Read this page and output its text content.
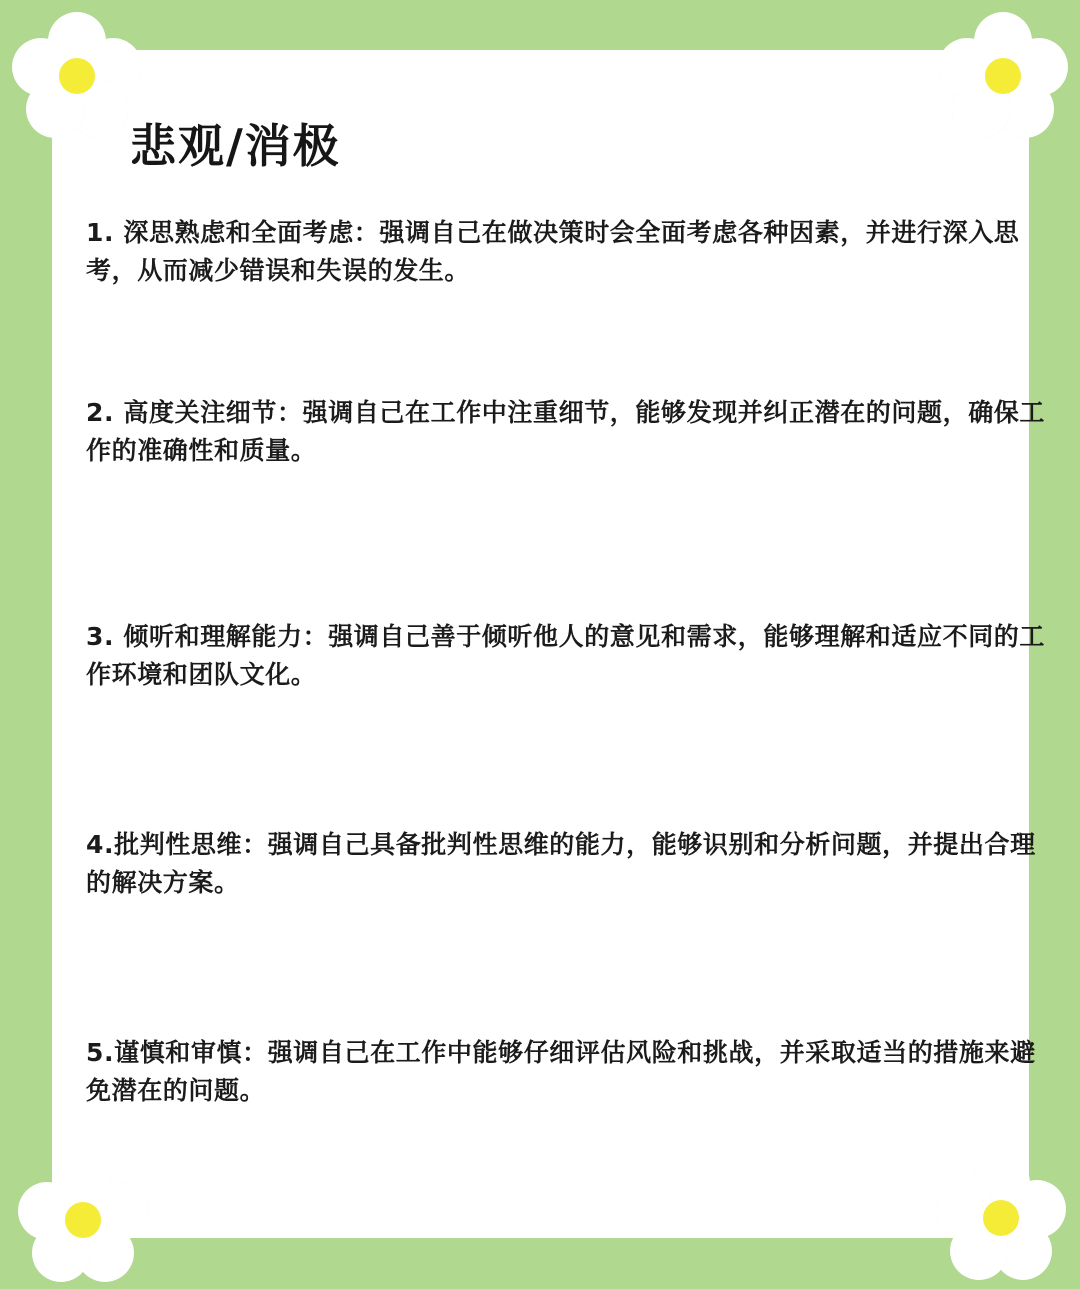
悲观/消极
1. 深思熟虑和全面考虑：强调自己在做决策时会全面考虑各种因素，并进行深入思考，从而减少错误和失误的发生。
2. 高度关注细节：强调自己在工作中注重细节，能够发现并纠正潜在的问题，确保工作的准确性和质量。
3. 倾听和理解能力：强调自己善于倾听他人的意见和需求，能够理解和适应不同的工作环境和团队文化。
4.批判性思维：强调自己具备批判性思维的能力，能够识别和分析问题，并提出合理的解决方案。
5.谨慎和审慎：强调自己在工作中能够仔细评估风险和挑战，并采取适当的措施来避免潜在的问题。
